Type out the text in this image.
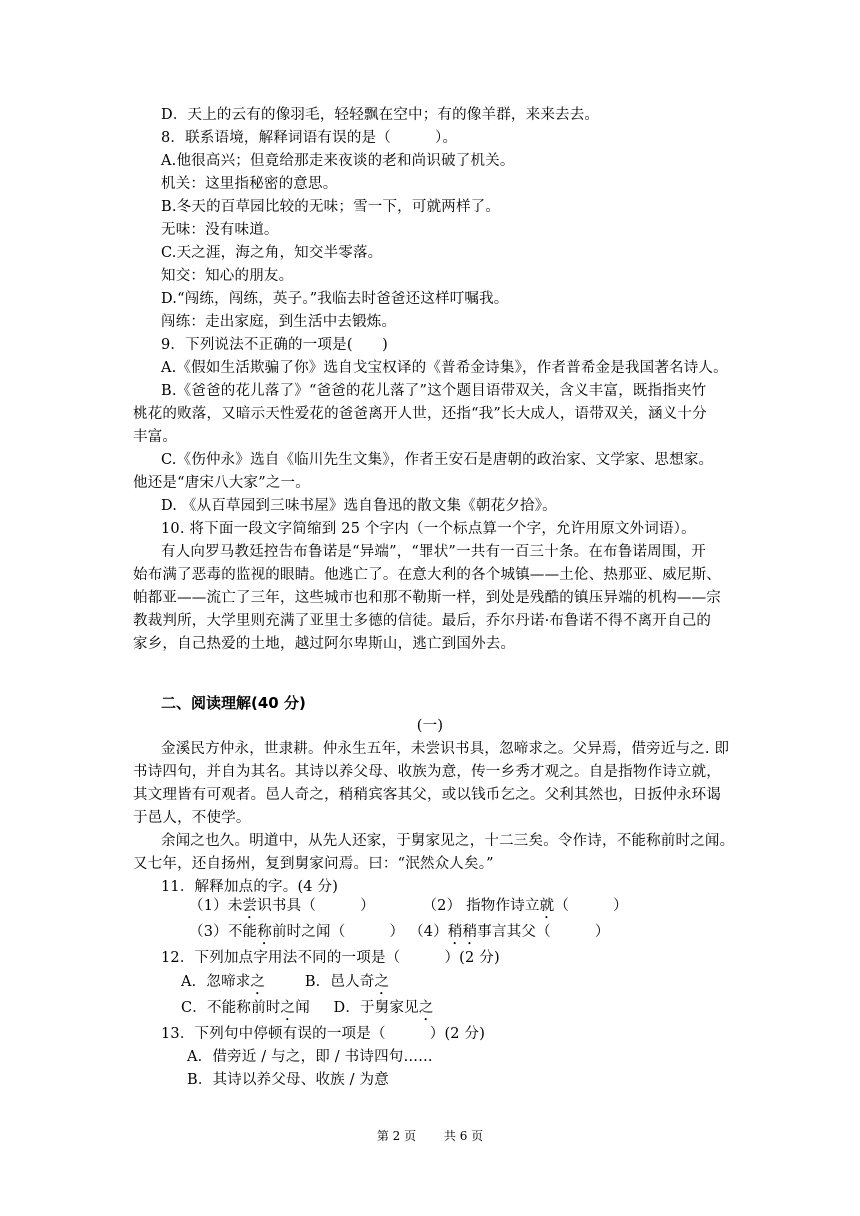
D．天上的云有的像羽毛，轻轻飘在空中；有的像羊群，来来去去。
8．联系语境，解释词语有误的是（　　　）。
A.他很高兴；但竟给那走来夜谈的老和尚识破了机关。
机关：这里指秘密的意思。
B.冬天的百草园比较的无味；雪一下，可就两样了。
无味：没有味道。
C.天之涯，海之角，知交半零落。
知交：知心的朋友。
D.“闯练，闯练，英子。”我临去时爸爸还这样叮嘱我。
闯练：走出家庭，到生活中去锻炼。
9．下列说法不正确的一项是(　　)
A.《假如生活欺骗了你》选自戈宝权译的《普希金诗集》，作者普希金是我国著名诗人。
B.《爸爸的花儿落了》“爸爸的花儿落了”这个题目语带双关，含义丰富，既指指夹竹
桃花的败落，又暗示天性爱花的爸爸离开人世，还指“我”长大成人，语带双关，涵义十分
丰富。
C.《伤仲永》选自《临川先生文集》，作者王安石是唐朝的政治家、文学家、思想家。
他还是“唐宋八大家”之一。
D. 《从百草园到三味书屋》选自鲁迅的散文集《朝花夕拾》。
10. 将下面一段文字简缩到 25 个字内（一个标点算一个字，允许用原文外词语）。
有人向罗马教廷控告布鲁诺是“异端”，“罪状”一共有一百三十条。在布鲁诺周围，开
始布满了恶毒的监视的眼睛。他逃亡了。在意大利的各个城镇——土伦、热那亚、威尼斯、
帕都亚——流亡了三年，这些城市也和那不勒斯一样，到处是残酷的镇压异端的机构——宗
教裁判所，大学里则充满了亚里士多德的信徒。最后，乔尔丹诺·布鲁诺不得不离开自己的
家乡，自己热爱的土地，越过阿尔卑斯山，逃亡到国外去。
二、阅读理解(40 分)
(一)
金溪民方仲永，世隶耕。仲永生五年，未尝识书具，忽啼求之。父异焉，借旁近与之. 即
书诗四句，并自为其名。其诗以养父母、收族为意，传一乡秀才观之。自是指物作诗立就，
其文理皆有可观者。邑人奇之，稍稍宾客其父，或以钱币乞之。父利其然也，日扳仲永环谒
于邑人，不使学。
余闻之也久。明道中，从先人还家，于舅家见之，十二三矣。令作诗，不能称前时之闻。
又七年，还自扬州，复到舅家问焉。曰：“泯然众人矣。”
11．解释加点的字。(4 分)
（1）未尝识书具（　　　）	（2） 指物作诗立就（　　　）
（3）不能称前时之闻（　　　） （4）稍稍事言其父（　　　）
12．下列加点字用法不同的一项是（　　　）(2 分)
A．忽啼求之	B．邑人奇之
C．不能称前时之闻 D．于舅家见之
13．下列句中停顿有误的一项是（　　　）(2 分)
A．借旁近 / 与之，即 / 书诗四句……
B．其诗以养父母、收族 / 为意
第 2 页　　 共 6 页
